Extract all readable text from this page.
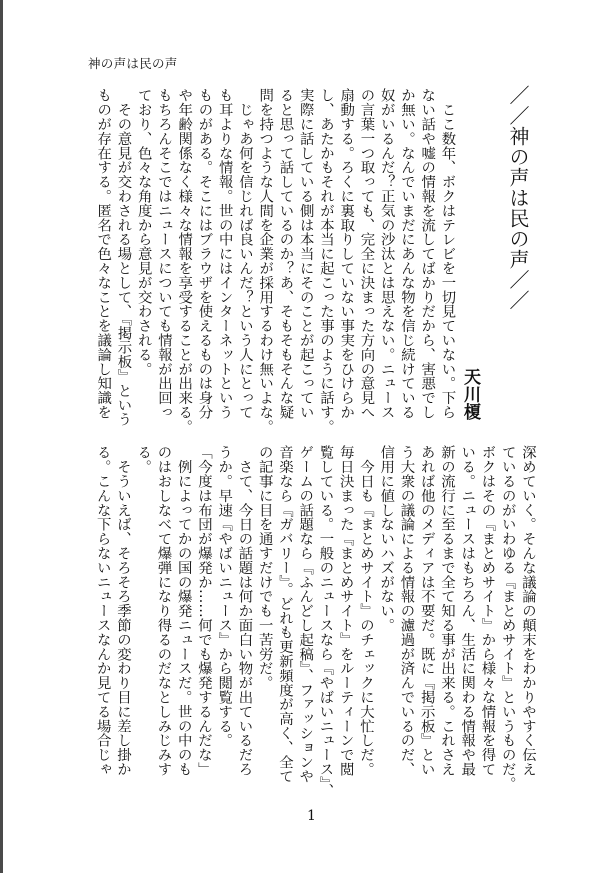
神の声は民の声
／／神の声は民の声／／
天川榎
　ここ数年、ボクはテレビを一切見ていない。下ら
ない話や嘘の情報を流してばかりだから、害悪でし
か無い。なんでいまだにあんな物を信じ続けている
奴がいるんだ？正気の沙汰とは思えない。ニュース
の言葉一つ取っても、完全に決まった方向の意見へ
扇動する。ろくに裏取りしていない事実をひけらか
し、あたかもそれが本当に起こった事のように話す。
実際に話している側は本当にそのことが起こってい
ると思って話しているのか？あ、そもそもそんな疑
問を持つような人間を企業が採用するわけ無いよな。
　じゃあ何を信じれば良いんだ？という人にとって
も耳よりな情報。世の中にはインターネットという
ものがある。そこにはブラウザを使えるものは身分
や年齢関係なく様々な情報を享受することが出来る。
もちろんそこではニュースについても情報が出回っ
ており、色々な角度から意見が交わされる。
　その意見が交わされる場として、『掲示板』という
ものが存在する。匿名で色々なことを議論し知識を
深めていく。そんな議論の顛末をわかりやすく伝え
ているのがいわゆる『まとめサイト』というものだ。
ボクはその『まとめサイト』から様々な情報を得て
いる。ニュースはもちろん、生活に関わる情報や最
新の流行に至るまで全て知る事が出来る。これさえ
あれば他のメディアは不要だ。既に『掲示板』とい
う大衆の議論による情報の濾過が済んでいるのだ、
信用に値しないハズがない。
　今日も『まとめサイト』のチェックに大忙しだ。
毎日決まった『まとめサイト』をルーティーンで閲
覧している。一般のニュースなら『やばいニュース』、
ゲームの話題なら『ふんどし起稿』、ファッションや
音楽なら『ガバリー』。どれも更新頻度が高く、全て
の記事に目を通すだけでも一苦労だ。
　さて、今日の話題は何か面白い物が出ているだろ
うか。早速『やばいニュース』から閲覧する。
「今度は布団が爆発か……何でも爆発するんだな」
　例によってかの国の爆発ニュースだ。世の中のも
のはおしなべて爆弾になり得るのだなとしみじみす
る。
　そういえば、そろそろ季節の変わり目に差し掛か
る。こんな下らないニュースなんか見てる場合じゃ
1
